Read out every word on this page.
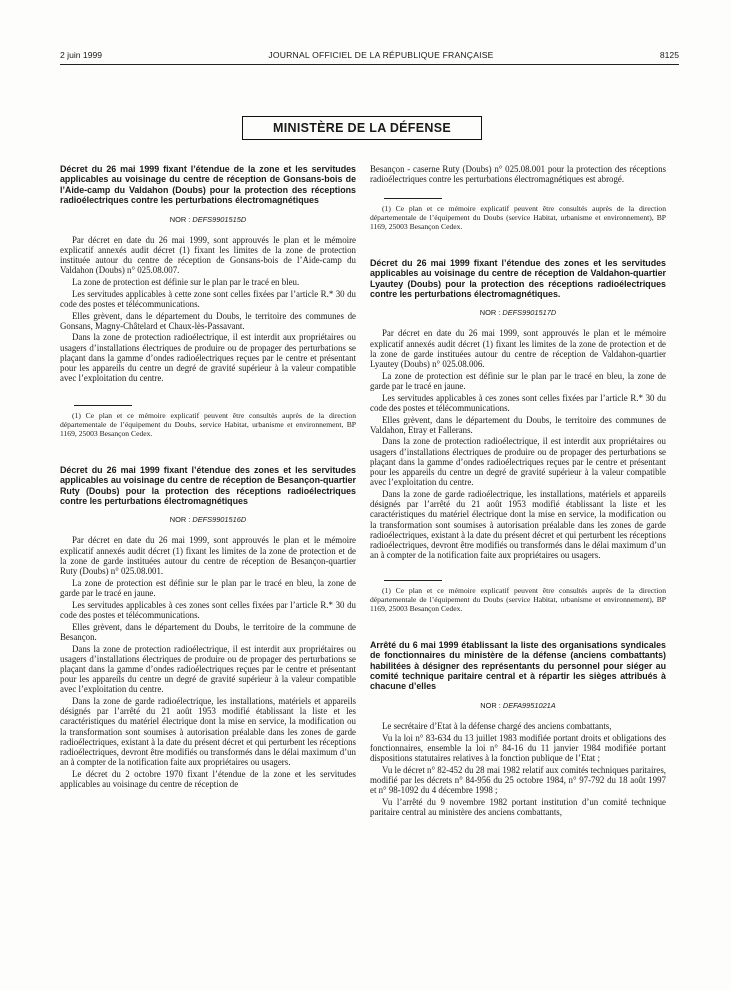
2 juin 1999	JOURNAL OFFICIEL DE LA RÉPUBLIQUE FRANÇAISE	8125
MINISTÈRE DE LA DÉFENSE

Décret du 26 mai 1999 fixant l’étendue de la zone et les servitudes applicables au voisinage du centre de réception de Gonsans-bois de l’Aide-camp du Valdahon (Doubs) pour la protection des réceptions radioélectriques contre les perturbations électromagnétiques

NOR : DEFS9901515D

Par décret en date du 26 mai 1999, sont approuvés le plan et le mémoire explicatif annexés audit décret (1) fixant les limites de la zone de protection instituée autour du centre de réception de Gonsans-bois de l’Aide-camp du Valdahon (Doubs) n° 025.08.007.

La zone de protection est définie sur le plan par le tracé en bleu.

Les servitudes applicables à cette zone sont celles fixées par l’article R.* 30 du code des postes et télécommunications.

Elles grèvent, dans le département du Doubs, le territoire des communes de Gonsans, Magny-Châtelard et Chaux-lès-Passavant.

Dans la zone de protection radioélectrique, il est interdit aux propriétaires ou usagers d’installations électriques de produire ou de propager des perturbations se plaçant dans la gamme d’ondes radioélectriques reçues par le centre et présentant pour les appareils du centre un degré de gravité supérieur à la valeur compatible avec l’exploitation du centre.

(1) Ce plan et ce mémoire explicatif peuvent être consultés auprès de la direction départementale de l’équipement du Doubs, service Habitat, urbanisme et environnement, BP 1169, 25003 Besançon Cedex.

Décret du 26 mai 1999 fixant l’étendue des zones et les servitudes applicables au voisinage du centre de réception de Besançon-quartier Ruty (Doubs) pour la protection des réceptions radioélectriques contre les perturbations électromagnétiques

NOR : DEFS9901516D

Par décret en date du 26 mai 1999, sont approuvés le plan et le mémoire explicatif annexés audit décret (1) fixant les limites de la zone de protection et de la zone de garde instituées autour du centre de réception de Besançon-quartier Ruty (Doubs) n° 025.08.001.

La zone de protection est définie sur le plan par le tracé en bleu, la zone de garde par le tracé en jaune.

Les servitudes applicables à ces zones sont celles fixées par l’article R.* 30 du code des postes et télécommunications.

Elles grèvent, dans le département du Doubs, le territoire de la commune de Besançon.

Dans la zone de protection radioélectrique, il est interdit aux propriétaires ou usagers d’installations électriques de produire ou de propager des perturbations se plaçant dans la gamme d’ondes radioélectriques reçues par le centre et présentant pour les appareils du centre un degré de gravité supérieur à la valeur compatible avec l’exploitation du centre.

Dans la zone de garde radioélectrique, les installations, matériels et appareils désignés par l’arrêté du 21 août 1953 modifié établissant la liste et les caractéristiques du matériel électrique dont la mise en service, la modification ou la transformation sont soumises à autorisation préalable dans les zones de garde radioélectriques, existant à la date du présent décret et qui perturbent les réceptions radioélectriques, devront être modifiés ou transformés dans le délai maximum d’un an à compter de la notification faite aux propriétaires ou usagers.

Le décret du 2 octobre 1970 fixant l’étendue de la zone et les servitudes applicables au voisinage du centre de réception de

Besançon - caserne Ruty (Doubs) n° 025.08.001 pour la protection des réceptions radioélectriques contre les perturbations électromagnétiques est abrogé.

(1) Ce plan et ce mémoire explicatif peuvent être consultés auprès de la direction départementale de l’équipement du Doubs (service Habitat, urbanisme et environnement), BP 1169, 25003 Besançon Cedex.

Décret du 26 mai 1999 fixant l’étendue des zones et les servitudes applicables au voisinage du centre de réception de Valdahon-quartier Lyautey (Doubs) pour la protection des réceptions radioélectriques contre les perturbations électromagnétiques.

NOR : DEFS9901517D

Par décret en date du 26 mai 1999, sont approuvés le plan et le mémoire explicatif annexés audit décret (1) fixant les limites de la zone de protection et de la zone de garde instituées autour du centre de réception de Valdahon-quartier Lyautey (Doubs) n° 025.08.006.

La zone de protection est définie sur le plan par le tracé en bleu, la zone de garde par le tracé en jaune.

Les servitudes applicables à ces zones sont celles fixées par l’article R.* 30 du code des postes et télécommunications.

Elles grèvent, dans le département du Doubs, le territoire des communes de Valdahon, Etray et Fallerans.

Dans la zone de protection radioélectrique, il est interdit aux propriétaires ou usagers d’installations électriques de produire ou de propager des perturbations se plaçant dans la gamme d’ondes radioélectriques reçues par le centre et présentant pour les appareils du centre un degré de gravité supérieur à la valeur compatible avec l’exploitation du centre.

Dans la zone de garde radioélectrique, les installations, matériels et appareils désignés par l’arrêté du 21 août 1953 modifié établissant la liste et les caractéristiques du matériel électrique dont la mise en service, la modification ou la transformation sont soumises à autorisation préalable dans les zones de garde radioélectriques, existant à la date du présent décret et qui perturbent les réceptions radioélectriques, devront être modifiés ou transformés dans le délai maximum d’un an à compter de la notification faite aux propriétaires ou usagers.

(1) Ce plan et ce mémoire explicatif peuvent être consultés auprès de la direction départementale de l’équipement du Doubs (service Habitat, urbanisme et environnement), BP 1169, 25003 Besançon Cedex.

Arrêté du 6 mai 1999 établissant la liste des organisations syndicales de fonctionnaires du ministère de la défense (anciens combattants) habilitées à désigner des représentants du personnel pour siéger au comité technique paritaire central et à répartir les sièges attribués à chacune d’elles

NOR : DEFA9951021A

Le secrétaire d’Etat à la défense chargé des anciens combattants,

Vu la loi n° 83-634 du 13 juillet 1983 modifiée portant droits et obligations des fonctionnaires, ensemble la loi n° 84-16 du 11 janvier 1984 modifiée portant dispositions statutaires relatives à la fonction publique de l’Etat ;

Vu le décret n° 82-452 du 28 mai 1982 relatif aux comités techniques paritaires, modifié par les décrets n° 84-956 du 25 octobre 1984, n° 97-792 du 18 août 1997 et n° 98-1092 du 4 décembre 1998 ;

Vu l’arrêté du 9 novembre 1982 portant institution d’un comité technique paritaire central au ministère des anciens combattants,
